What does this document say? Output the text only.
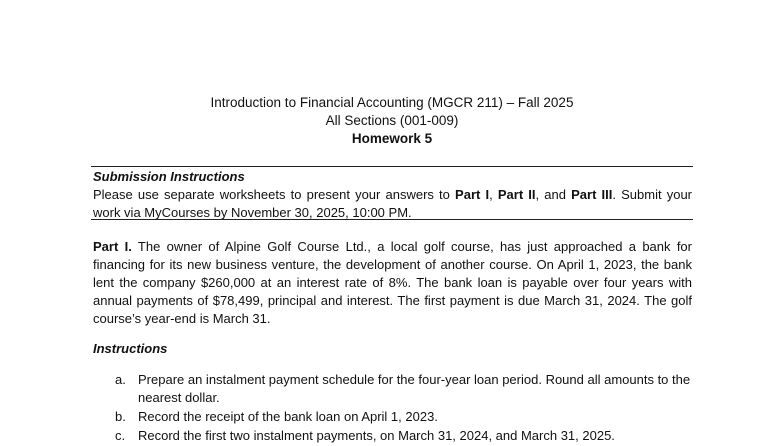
Introduction to Financial Accounting (MGCR 211) – Fall 2025
All Sections (001-009)
Homework 5
Submission Instructions
Please use separate worksheets to present your answers to Part I, Part II, and Part III. Submit your work via MyCourses by November 30, 2025, 10:00 PM.
Part I. The owner of Alpine Golf Course Ltd., a local golf course, has just approached a bank for financing for its new business venture, the development of another course. On April 1, 2023, the bank lent the company $260,000 at an interest rate of 8%. The bank loan is payable over four years with annual payments of $78,499, principal and interest. The first payment is due March 31, 2024. The golf course’s year-end is March 31.
Instructions
a. Prepare an instalment payment schedule for the four-year loan period. Round all amounts to the nearest dollar.
b. Record the receipt of the bank loan on April 1, 2023.
c. Record the first two instalment payments, on March 31, 2024, and March 31, 2025.
